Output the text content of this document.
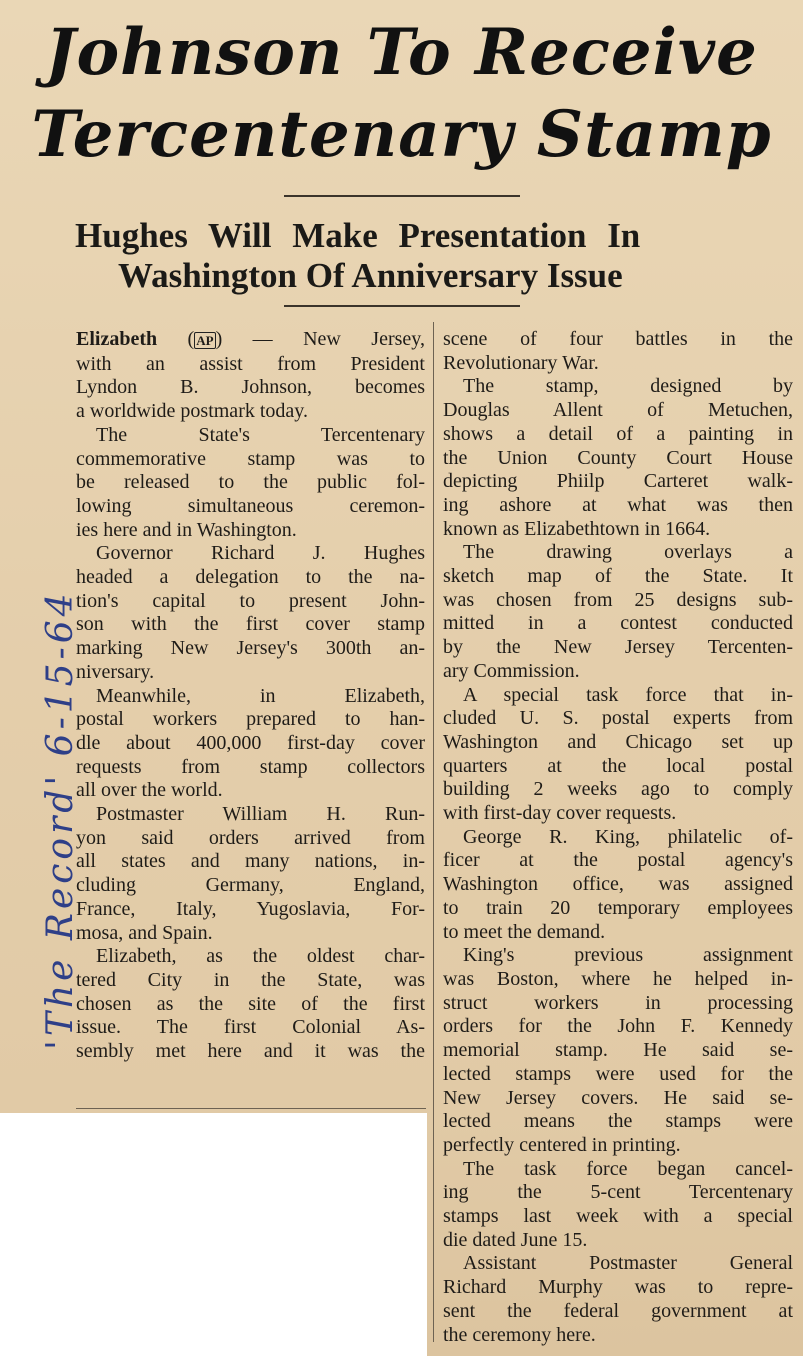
Johnson To Receive
Tercentenary Stamp
Hughes Will Make Presentation In
Washington Of Anniversary Issue
Elizabeth ( AP ) — New Jersey,
with an assist from President
Lyndon B. Johnson, becomes
a worldwide postmark today.
The State's Tercentenary
commemorative stamp was to
be released to the public fol-
lowing simultaneous ceremon-
ies here and in Washington.
Governor Richard J. Hughes
headed a delegation to the na-
tion's capital to present John-
son with the first cover stamp
marking New Jersey's 300th an-
niversary.
Meanwhile, in Elizabeth,
postal workers prepared to han-
dle about 400,000 first-day cover
requests from stamp collectors
all over the world.
Postmaster William H. Run-
yon said orders arrived from
all states and many nations, in-
cluding Germany, England,
France, Italy, Yugoslavia, For-
mosa, and Spain.
Elizabeth, as the oldest char-
tered City in the State, was
chosen as the site of the first
issue. The first Colonial As-
sembly met here and it was the
scene of four battles in the
Revolutionary War.
The stamp, designed by
Douglas Allent of Metuchen,
shows a detail of a painting in
the Union County Court House
depicting Phiilp Carteret walk-
ing ashore at what was then
known as Elizabethtown in 1664.
The drawing overlays a
sketch map of the State. It
was chosen from 25 designs sub-
mitted in a contest conducted
by the New Jersey Tercenten-
ary Commission.
A special task force that in-
cluded U. S. postal experts from
Washington and Chicago set up
quarters at the local postal
building 2 weeks ago to comply
with first-day cover requests.
George R. King, philatelic of-
ficer at the postal agency's
Washington office, was assigned
to train 20 temporary employees
to meet the demand.
King's previous assignment
was Boston, where he helped in-
struct workers in processing
orders for the John F. Kennedy
memorial stamp. He said se-
lected stamps were used for the
New Jersey covers. He said se-
lected means the stamps were
perfectly centered in printing.
The task force began cancel-
ing the 5-cent Tercentenary
stamps last week with a special
die dated June 15.
Assistant Postmaster General
Richard Murphy was to repre-
sent the federal government at
the ceremony here.
'The Record' 6-15-64
